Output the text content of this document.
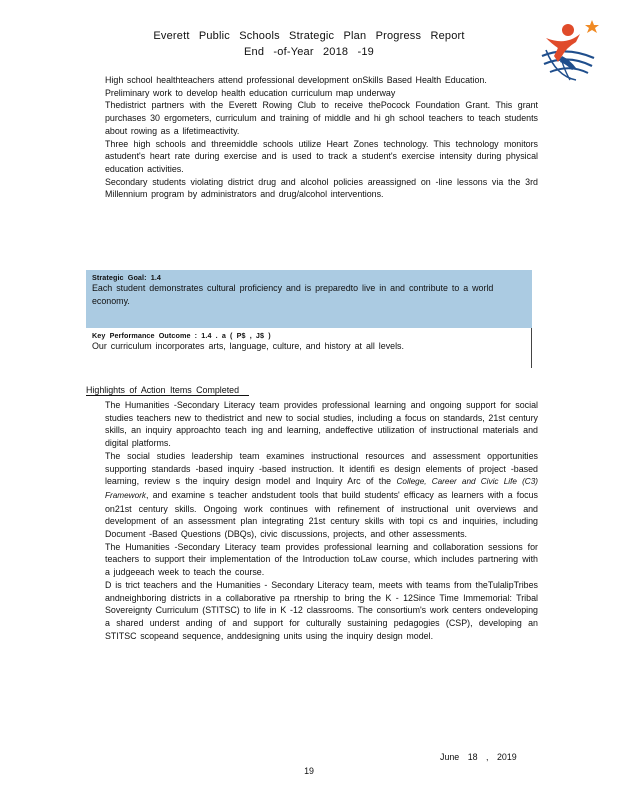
Everett Public Schools Strategic Plan Progress Report
End -of-Year 2018 -19
High school healthteachers attend professional development onSkills Based Health Education.
Preliminary work to develop health education curriculum map underway
Thedistrict partners with the Everett Rowing Club to receive thePocock Foundation Grant. This grant purchases 30 ergometers, curriculum and training of middle and hi gh school teachers to teach students about rowing as a lifetimeactivity.
Three high schools and threemiddle schools utilize Heart Zones technology. This technology monitors astudent's heart rate during exercise and is used to track a student's exercise intensity during physical education activities.
Secondary students violating district drug and alcohol policies areassigned on -line lessons via the 3rd Millennium program by administrators and drug/alcohol interventions.
Strategic Goal: 1.4
Each student demonstrates cultural proficiency and is preparedto live in and contribute to a world economy.
Key Performance Outcome : 1.4 . a ( P$ , J$ )
Our curriculum incorporates arts, language, culture, and history at all levels.
Highlights of Action Items Completed
The Humanities -Secondary Literacy team provides professional learning and ongoing support for social studies teachers new to thedistrict and new to social studies, including a focus on standards, 21st century skills, an inquiry approachto teach ing and learning, andeffective utilization of instructional materials and digital platforms.
The social studies leadership team examines instructional resources and assessment opportunities supporting standards -based inquiry -based instruction. It identifi es design elements of project -based learning, review s the inquiry design model and Inquiry Arc of the College, Career and Civic Life (C3) Framework, and examine s teacher andstudent tools that build students' efficacy as learners with a focus on21st century skills. Ongoing work continues with refinement of instructional unit overviews and development of an assessment plan integrating 21st century skills with topi cs and inquiries, including Document -Based Questions (DBQs), civic discussions, projects, and other assessments.
The Humanities -Secondary Literacy team provides professional learning and collaboration sessions for teachers to support their implementation of the Introduction toLaw course, which includes partnering with a judgeeach week to teach the course.
D is trict teachers and the Humanities - Secondary Literacy team, meets with teams from theTulalipTribes andneighboring districts in a collaborative pa rtnership to bring the K - 12Since Time Immemorial: Tribal Sovereignty Curriculum (STITSC) to life in K -12 classrooms. The consortium's work centers ondeveloping a shared underst anding of and support for culturally sustaining pedagogies (CSP), developing an STITSC scopeand sequence, anddesigning units using the inquiry design model.
June 18 , 2019
19
